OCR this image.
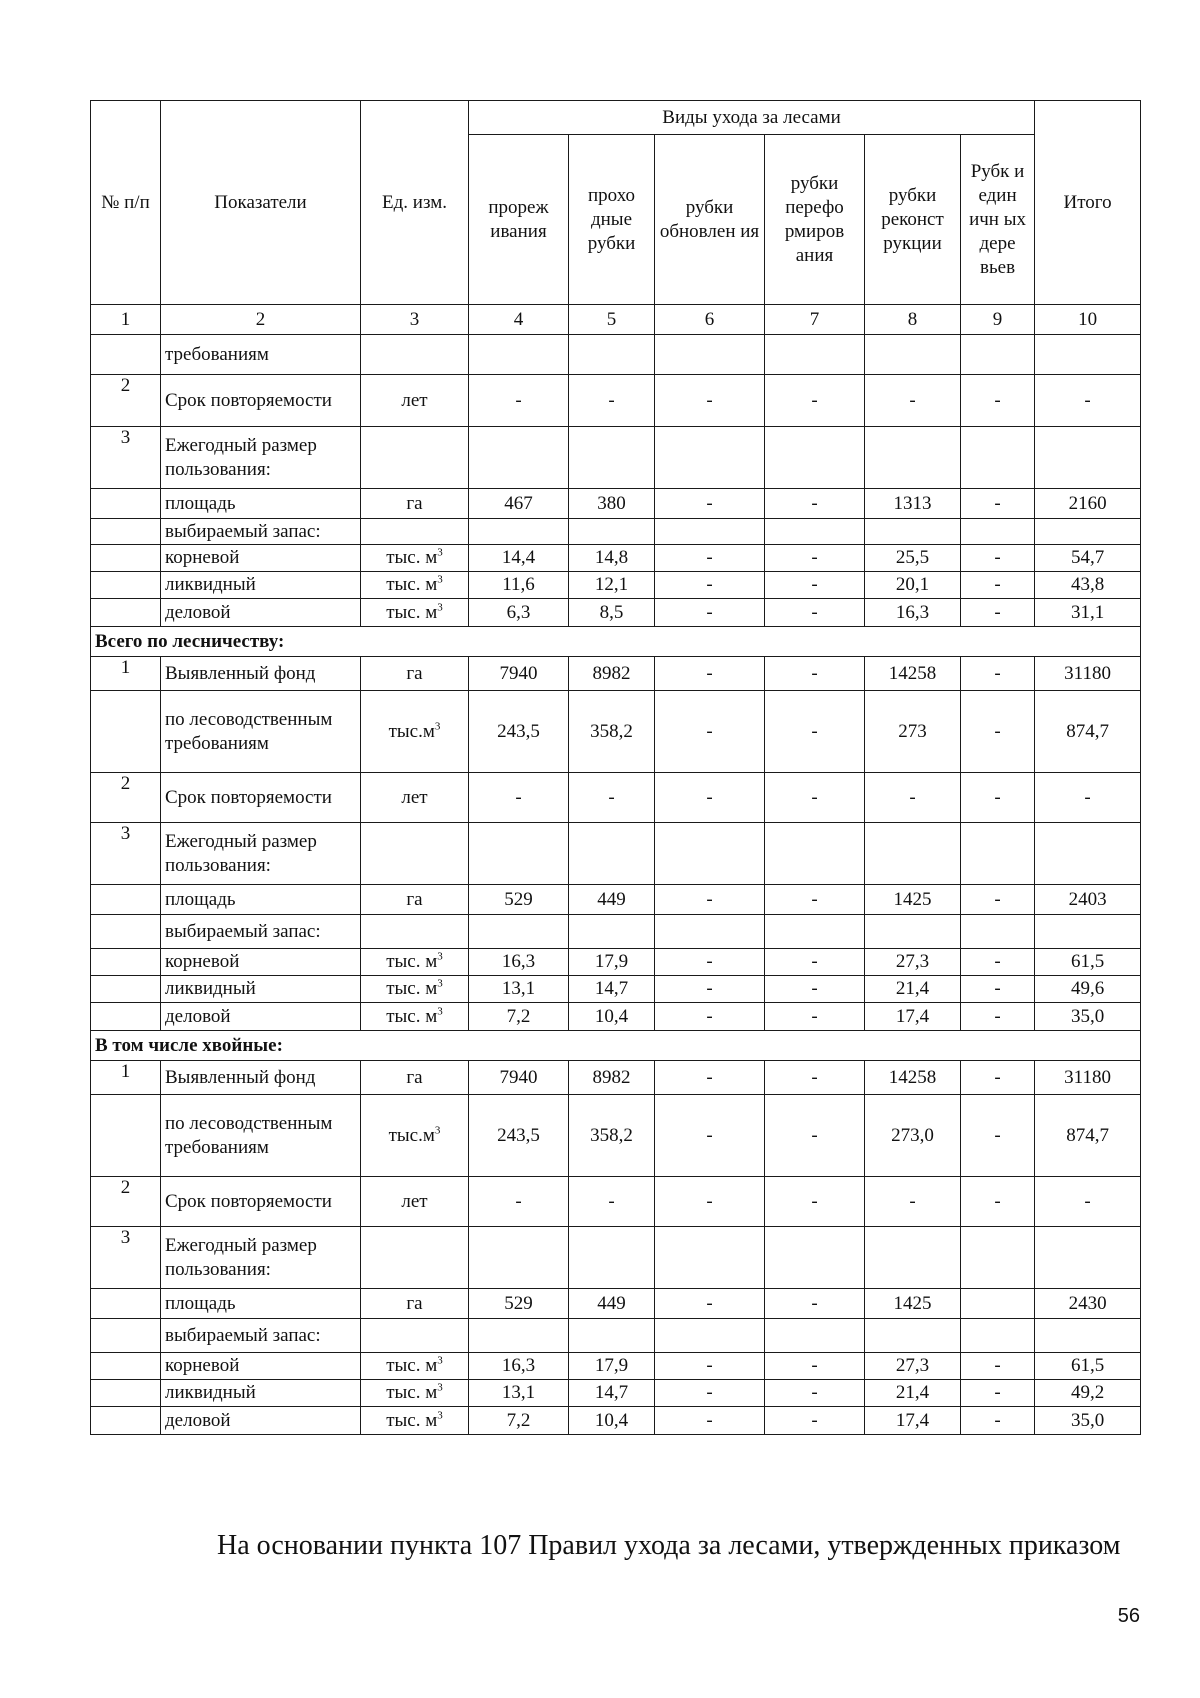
№ п/п	Показатели	Ед. изм.	Виды ухода за лесами						Итого
			прореж ивания	прохо дные рубки	рубки обновлен ия	рубки перефо рмиров ания	рубки реконст рукции	Рубк и един ичн ых дере вьев	
1	2	3	4	5	6	7	8	9	10
	требованиям								
2	Срок повторяемости	лет	-	-	-	-	-	-	-
3	Ежегодный размер пользования:								
	площадь	га	467	380	-	-	1313	-	2160
	выбираемый запас:								
	корневой	тыс. $м^3$	14,4	14,8	-	-	25,5	-	54,7
	ликвидный	тыс. $м^3$	11,6	12,1	-	-	20,1	-	43,8
	деловой	тыс. $м^3$	6,3	8,5	-	-	16,3	-	31,1
Всего по лесничеству:									
1	Выявленный фонд	га	7940	8982	-	-	14258	-	31180
	по лесоводственным требованиям	$тыс.м^3$	243,5	358,2	-	-	273	-	874,7
2	Срок повторяемости	лет	-	-	-	-	-	-	-
3	Ежегодный размер пользования:								
	площадь	га	529	449	-	-	1425	-	2403
	выбираемый запас:								
	корневой	тыс. $м^3$	16,3	17,9	-	-	27,3	-	61,5
	ликвидный	тыс. $м^3$	13,1	14,7	-	-	21,4	-	49,6
	деловой	тыс. $м^3$	7,2	10,4	-	-	17,4	-	35,0
В том числе хвойные:									
1	Выявленный фонд	га	7940	8982	-	-	14258	-	31180
	по лесоводственным требованиям	$тыс.м^3$	243,5	358,2	-	-	273,0	-	874,7
2	Срок повторяемости	лет	-	-	-	-	-	-	-
3	Ежегодный размер пользования:								
	площадь	га	529	449	-	-	1425		2430
	выбираемый запас:								
	корневой	тыс. $м^3$	16,3	17,9	-	-	27,3	-	61,5
	ликвидный	тыс. $м^3$	13,1	14,7	-	-	21,4	-	49,2
	деловой	тыс. $м^3$	7,2	10,4	-	-	17,4	-	35,0
На основании пункта 107 Правил ухода за лесами, утвержденных приказом
56
